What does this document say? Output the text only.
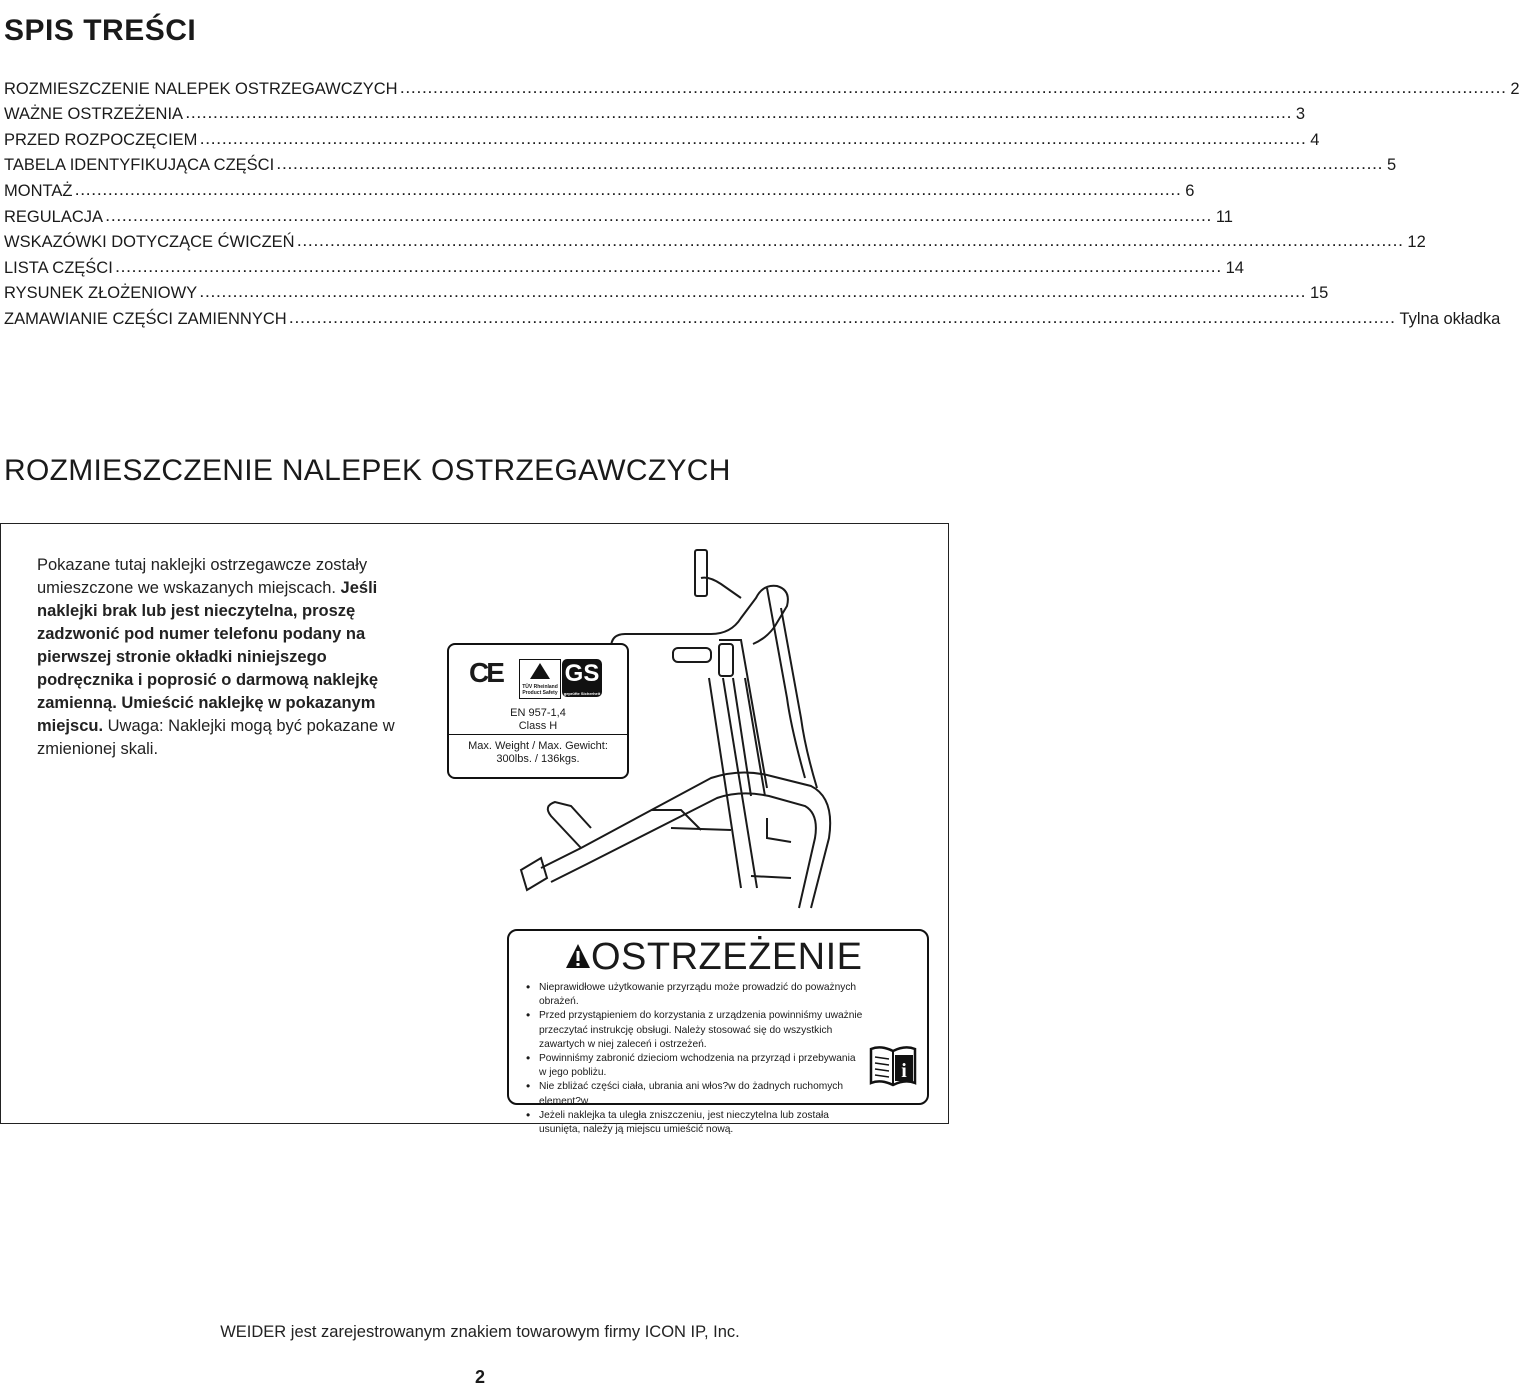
SPIS TREŚCI
ROZMIESZCZENIE NALEPEK OSTRZEGAWCZYCH ........................................................................................................................................................................................................ 2
WAŻNE OSTRZEŻENIA ........................................................................................................................................................................................................ 3
PRZED ROZPOCZĘCIEM ........................................................................................................................................................................................................ 4
TABELA IDENTYFIKUJĄCA CZĘŚCI ........................................................................................................................................................................................................ 5
MONTAŻ ........................................................................................................................................................................................................ 6
REGULACJA ........................................................................................................................................................................................................ 11
WSKAZÓWKI DOTYCZĄCE ĆWICZEŃ ........................................................................................................................................................................................................ 12
LISTA CZĘŚCI ........................................................................................................................................................................................................ 14
RYSUNEK ZŁOŻENIOWY ........................................................................................................................................................................................................ 15
ZAMAWIANIE CZĘŚCI ZAMIENNYCH ........................................................................................................................................................................................................ Tylna okładka
ROZMIESZCZENIE NALEPEK OSTRZEGAWCZYCH

Pokazane tutaj naklejki ostrzegawcze zostały umieszczone we wskazanych miejscach. Jeśli naklejki brak lub jest nieczytelna, proszę zadzwonić pod numer telefonu podany na pierwszej stronie okładki niniejszego podręcznika i poprosić o darmową naklejkę zamienną. Umieścić naklejkę w pokazanym miejscu. Uwaga: Naklejki mogą być pokazane w zmienionej skali.

CE	TÜV Rheinland Product Safety
GS
geprüfte Sicherheit
EN 957-1,4
Class H
Max. Weight / Max. Gewicht:
300lbs. / 136kgs.
OSTRZEŻENIE
• Nieprawidłowe użytkowanie przyrządu może prowadzić do poważnych obrażeń.
• Przed przystąpieniem do korzystania z urządzenia powinniśmy uważnie przeczytać instrukcję obsługi. Należy stosować się do wszystkich zawartych w niej zaleceń i ostrzeżeń.
• Powinniśmy zabronić dzieciom wchodzenia na przyrząd i przebywania w jego pobliżu.
• Nie zbliżać części ciała, ubrania ani włos?w do żadnych ruchomych element?w.
• Jeżeli naklejka ta uległa zniszczeniu, jest nieczytelna lub została usunięta, należy ją miejscu umieścić nową.
i
WEIDER jest zarejestrowanym znakiem towarowym firmy ICON IP, Inc.
2
